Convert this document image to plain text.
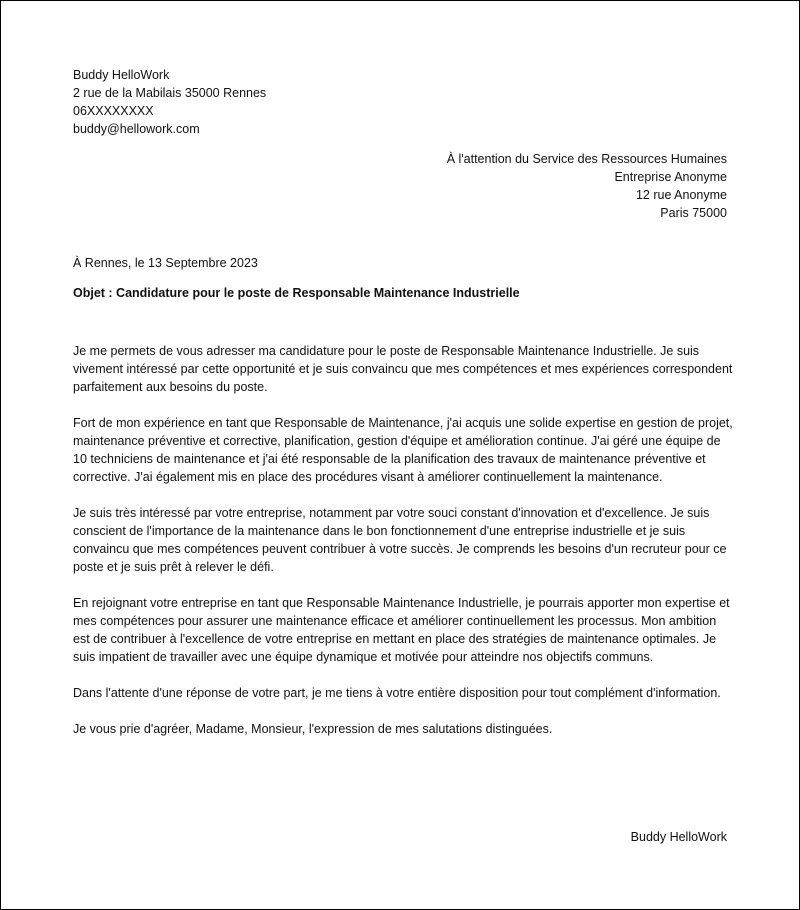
Buddy HelloWork
2 rue de la Mabilais 35000 Rennes
06XXXXXXXX
buddy@hellowork.com
À l'attention du Service des Ressources Humaines
Entreprise Anonyme
12 rue Anonyme
Paris 75000
À Rennes, le 13 Septembre 2023
Objet : Candidature pour le poste de Responsable Maintenance Industrielle

Je me permets de vous adresser ma candidature pour le poste de Responsable Maintenance Industrielle. Je suis vivement intéressé par cette opportunité et je suis convaincu que mes compétences et mes expériences correspondent parfaitement aux besoins du poste.

Fort de mon expérience en tant que Responsable de Maintenance, j'ai acquis une solide expertise en gestion de projet, maintenance préventive et corrective, planification, gestion d'équipe et amélioration continue. J'ai géré une équipe de 10 techniciens de maintenance et j'ai été responsable de la planification des travaux de maintenance préventive et corrective. J'ai également mis en place des procédures visant à améliorer continuellement la maintenance.

Je suis très intéressé par votre entreprise, notamment par votre souci constant d'innovation et d'excellence. Je suis conscient de l'importance de la maintenance dans le bon fonctionnement d'une entreprise industrielle et je suis convaincu que mes compétences peuvent contribuer à votre succès. Je comprends les besoins d'un recruteur pour ce poste et je suis prêt à relever le défi.

En rejoignant votre entreprise en tant que Responsable Maintenance Industrielle, je pourrais apporter mon expertise et mes compétences pour assurer une maintenance efficace et améliorer continuellement les processus. Mon ambition est de contribuer à l'excellence de votre entreprise en mettant en place des stratégies de maintenance optimales. Je suis impatient de travailler avec une équipe dynamique et motivée pour atteindre nos objectifs communs.

Dans l'attente d'une réponse de votre part, je me tiens à votre entière disposition pour tout complément d'information.

Je vous prie d'agréer, Madame, Monsieur, l'expression de mes salutations distinguées.

Buddy HelloWork
